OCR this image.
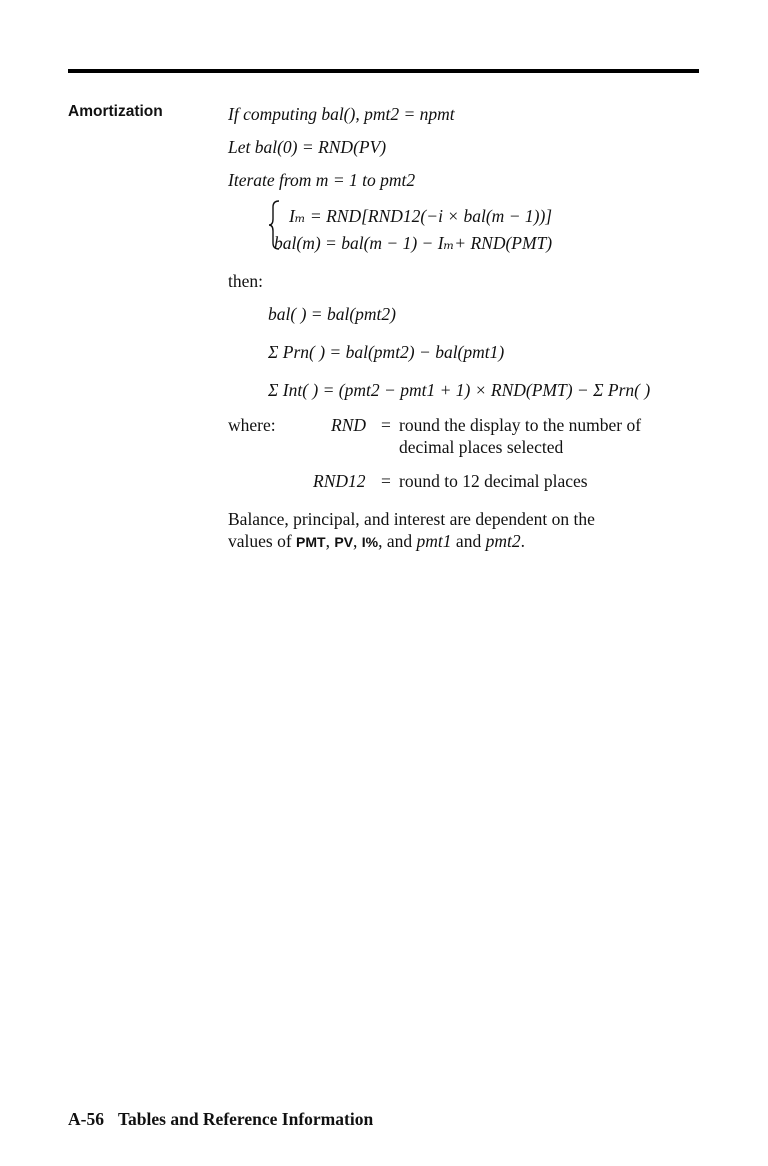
Amortization	If computing bal(), pmt2 = npmt
Let bal(0) = RND(PV)
Iterate from m = 1 to pmt2
Iₘ = RND[RND12(−i × bal(m − 1))]
bal(m) = bal(m − 1) − Iₘ+ RND(PMT)
then:
bal( ) = bal(pmt2)
Σ Prn( ) = bal(pmt2) − bal(pmt1)
Σ Int( ) = (pmt2 − pmt1 + 1) × RND(PMT) − Σ Prn( )
where:	RND = round the display to the number of
decimal places selected
RND12 = round to 12 decimal places
Balance, principal, and interest are dependent on the
values of PMT, PV, I%, and pmt1 and pmt2.
A-56 Tables and Reference Information
